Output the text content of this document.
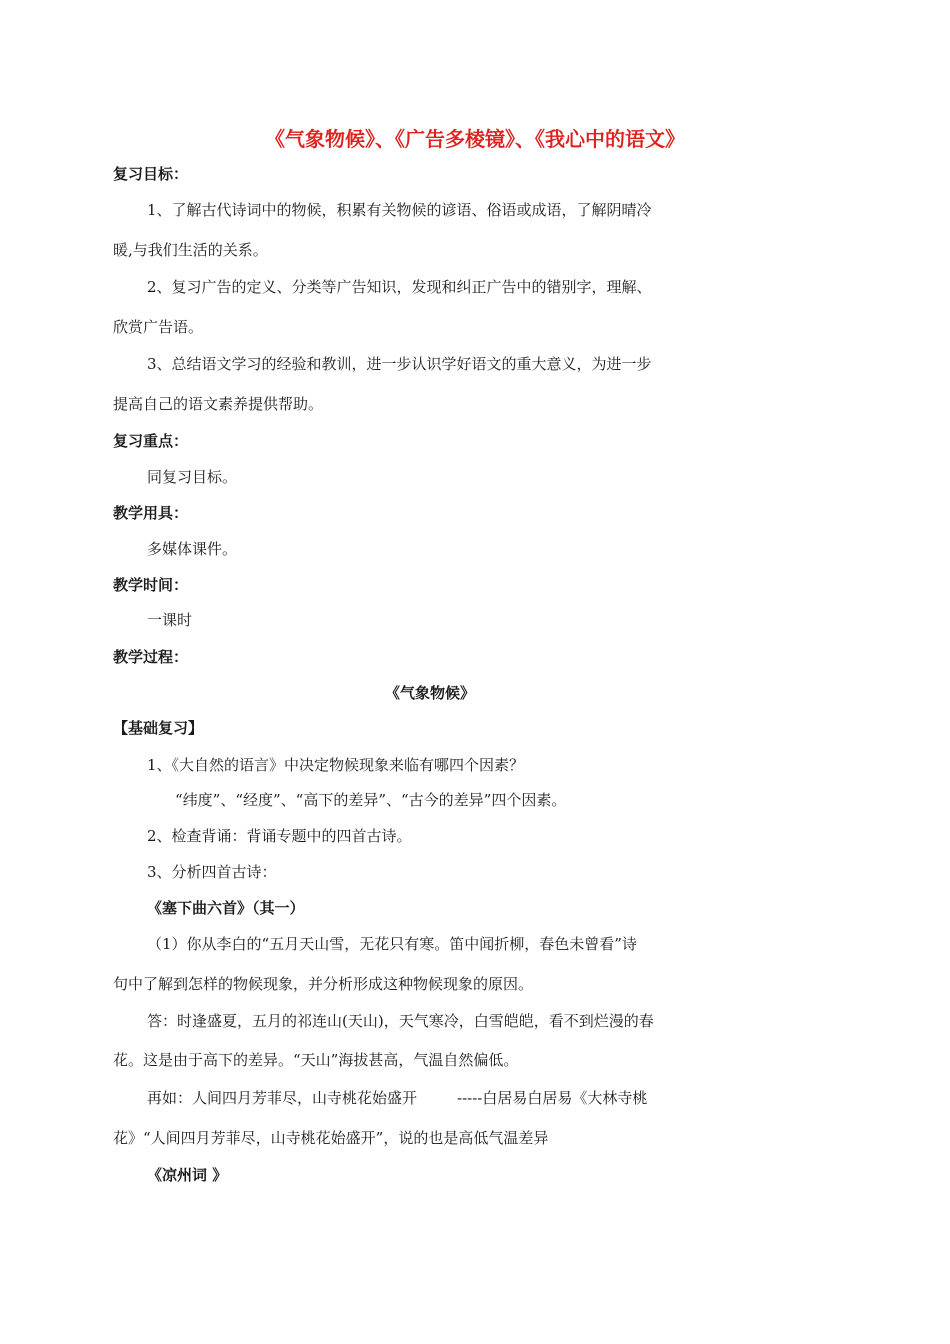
《气象物候》、《广告多棱镜》、《我心中的语文》
复习目标：
1、了解古代诗词中的物候，积累有关物候的谚语、俗语或成语，了解阴晴冷
暖,与我们生活的关系。
2、复习广告的定义、分类等广告知识，发现和纠正广告中的错别字，理解、
欣赏广告语。
3、总结语文学习的经验和教训，进一步认识学好语文的重大意义，为进一步
提高自己的语文素养提供帮助。
复习重点：
同复习目标。
教学用具：
多媒体课件。
教学时间：
一课时
教学过程：
《气象物候》
【基础复习】
1、《大自然的语言》中决定物候现象来临有哪四个因素？
“纬度”、“经度”、“高下的差异”、“古今的差异”四个因素。
2、检查背诵：背诵专题中的四首古诗。
3、分析四首古诗：
《塞下曲六首》（其一）
（1）你从李白的“五月天山雪，无花只有寒。笛中闻折柳，春色未曾看”诗
句中了解到怎样的物候现象，并分析形成这种物候现象的原因。
答：时逢盛夏，五月的祁连山(天山)，天气寒冷，白雪皑皑，看不到烂漫的春
花。这是由于高下的差异。“天山”海拔甚高，气温自然偏低。
再如：人间四月芳菲尽，山寺桃花始盛开	-----白居易白居易《大林寺桃
花》“人间四月芳菲尽，山寺桃花始盛开”，说的也是高低气温差异
《凉州词 》
